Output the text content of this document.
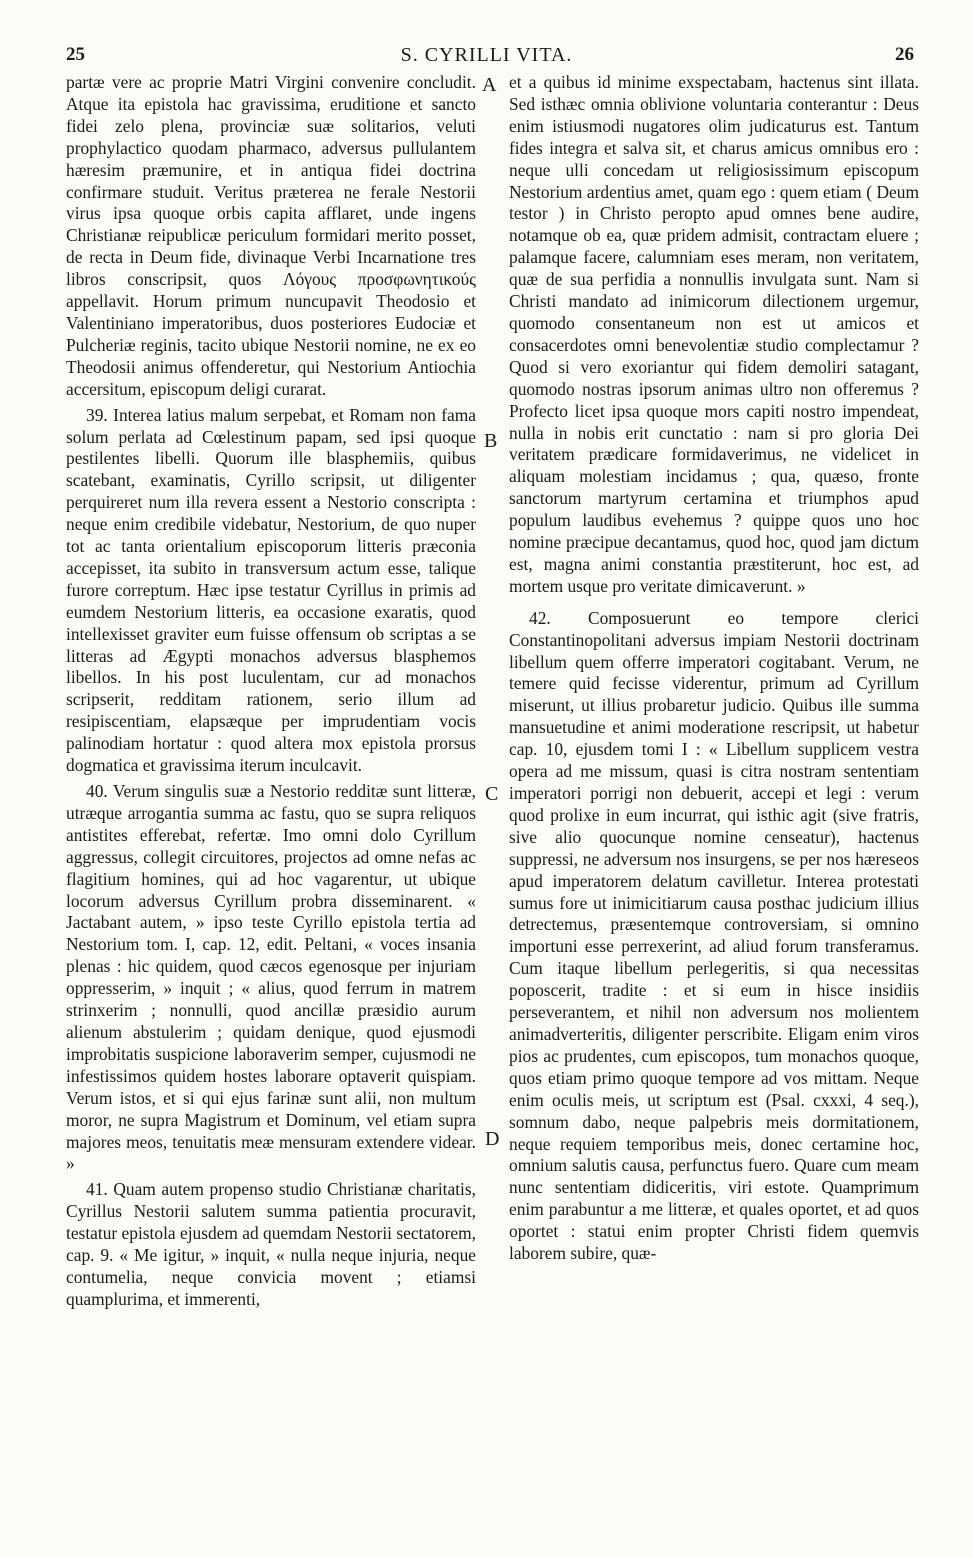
25	S. CYRILLI VITA.	26

partæ vere ac proprie Matri Virgini convenire concludit. Atque ita epistola hac gravissima, eruditione et sancto fidei zelo plena, provinciæ suæ solitarios, veluti prophylactico quodam pharmaco, adversus pullulantem hæresim præmunire, et in antiqua fidei doctrina confirmare studuit. Veritus præterea ne ferale Nestorii virus ipsa quoque orbis capita afflaret, unde ingens Christianæ reipublicæ periculum formidari merito posset, de recta in Deum fide, divinaque Verbi Incarnatione tres libros conscripsit, quos Λόγους προσφωνητικούς appellavit. Horum primum nuncupavit Theodosio et Valentiniano imperatoribus, duos posteriores Eudociæ et Pulcheriæ reginis, tacito ubique Nestorii nomine, ne ex eo Theodosii animus offenderetur, qui Nestorium Antiochia accersitum, episcopum deligi curarat.

39. Interea latius malum serpebat, et Romam non fama solum perlata ad Cœlestinum papam, sed ipsi quoque pestilentes libelli. Quorum ille blasphemiis, quibus scatebant, examinatis, Cyrillo scripsit, ut diligenter perquireret num illa revera essent a Nestorio conscripta : neque enim credibile videbatur, Nestorium, de quo nuper tot ac tanta orientalium episcoporum litteris præconia accepisset, ita subito in transversum actum esse, talique furore correptum. Hæc ipse testatur Cyrillus in primis ad eumdem Nestorium litteris, ea occasione exaratis, quod intellexisset graviter eum fuisse offensum ob scriptas a se litteras ad Ægypti monachos adversus blasphemos libellos. In his post luculentam, cur ad monachos scripserit, redditam rationem, serio illum ad resipiscentiam, elapsæque per imprudentiam vocis palinodiam hortatur : quod altera mox epistola prorsus dogmatica et gravissima iterum inculcavit.

40. Verum singulis suæ a Nestorio redditæ sunt litteræ, utræque arrogantia summa ac fastu, quo se supra reliquos antistites efferebat, refertæ. Imo omni dolo Cyrillum aggressus, collegit circuitores, projectos ad omne nefas ac flagitium homines, qui ad hoc vagarentur, ut ubique locorum adversus Cyrillum probra disseminarent. « Jactabant autem, » ipso teste Cyrillo epistola tertia ad Nestorium tom. I, cap. 12, edit. Peltani, « voces insania plenas : hic quidem, quod cæcos egenosque per injuriam oppresserim, » inquit ; « alius, quod ferrum in matrem strinxerim ; nonnulli, quod ancillæ præsidio aurum alienum abstulerim ; quidam denique, quod ejusmodi improbitatis suspicione laboraverim semper, cujusmodi ne infestissimos quidem hostes laborare optaverit quispiam. Verum istos, et si qui ejus farinæ sunt alii, non multum moror, ne supra Magistrum et Dominum, vel etiam supra majores meos, tenuitatis meæ mensuram extendere videar. »

41. Quam autem propenso studio Christianæ charitatis, Cyrillus Nestorii salutem summa patientia procuravit, testatur epistola ejusdem ad quemdam Nestorii sectatorem, cap. 9. « Me igitur, » inquit, « nulla neque injuria, neque contumelia, neque convicia movent ; etiamsi quamplurima, et immerenti,

et a quibus id minime exspectabam, hactenus sint illata. Sed isthæc omnia oblivione voluntaria conterantur : Deus enim istiusmodi nugatores olim judicaturus est. Tantum fides integra et salva sit, et charus amicus omnibus ero : neque ulli concedam ut religiosissimum episcopum Nestorium ardentius amet, quam ego : quem etiam ( Deum testor ) in Christo peropto apud omnes bene audire, notamque ob ea, quæ pridem admisit, contractam eluere ; palamque facere, calumniam eses meram, non veritatem, quæ de sua perfidia a nonnullis invulgata sunt. Nam si Christi mandato ad inimicorum dilectionem urgemur, quomodo consentaneum non est ut amicos et consacerdotes omni benevolentiæ studio complectamur ? Quod si vero exoriantur qui fidem demoliri satagant, quomodo nostras ipsorum animas ultro non offeremus ? Profecto licet ipsa quoque mors capiti nostro impendeat, nulla in nobis erit cunctatio : nam si pro gloria Dei veritatem prædicare formidaverimus, ne videlicet in aliquam molestiam incidamus ; qua, quæso, fronte sanctorum martyrum certamina et triumphos apud populum laudibus evehemus ? quippe quos uno hoc nomine præcipue decantamus, quod hoc, quod jam dictum est, magna animi constantia præstiterunt, hoc est, ad mortem usque pro veritate dimicaverunt. »

42. Composuerunt eo tempore clerici Constantinopolitani adversus impiam Nestorii doctrinam libellum quem offerre imperatori cogitabant. Verum, ne temere quid fecisse viderentur, primum ad Cyrillum miserunt, ut illius probaretur judicio. Quibus ille summa mansuetudine et animi moderatione rescripsit, ut habetur cap. 10, ejusdem tomi I : « Libellum supplicem vestra opera ad me missum, quasi is citra nostram sententiam imperatori porrigi non debuerit, accepi et legi : verum quod prolixe in eum incurrat, qui isthic agit (sive fratris, sive alio quocunque nomine censeatur), hactenus suppressi, ne adversum nos insurgens, se per nos hæreseos apud imperatorem delatum cavilletur. Interea protestati sumus fore ut inimicitiarum causa posthac judicium illius detrectemus, præsentemque controversiam, si omnino importuni esse perrexerint, ad aliud forum transferamus. Cum itaque libellum perlegeritis, si qua necessitas poposcerit, tradite : et si eum in hisce insidiis perseverantem, et nihil non adversum nos molientem animadverteritis, diligenter perscribite. Eligam enim viros pios ac prudentes, cum episcopos, tum monachos quoque, quos etiam primo quoque tempore ad vos mittam. Neque enim oculis meis, ut scriptum est (Psal. cxxxi, 4 seq.), somnum dabo, neque palpebris meis dormitationem, neque requiem temporibus meis, donec certamine hoc, omnium salutis causa, perfunctus fuero. Quare cum meam nunc sententiam didiceritis, viri estote. Quamprimum enim parabuntur a me litteræ, et quales oportet, et ad quos oportet : statui enim propter Christi fidem quemvis laborem subire, quæ-

A
B
C
D
